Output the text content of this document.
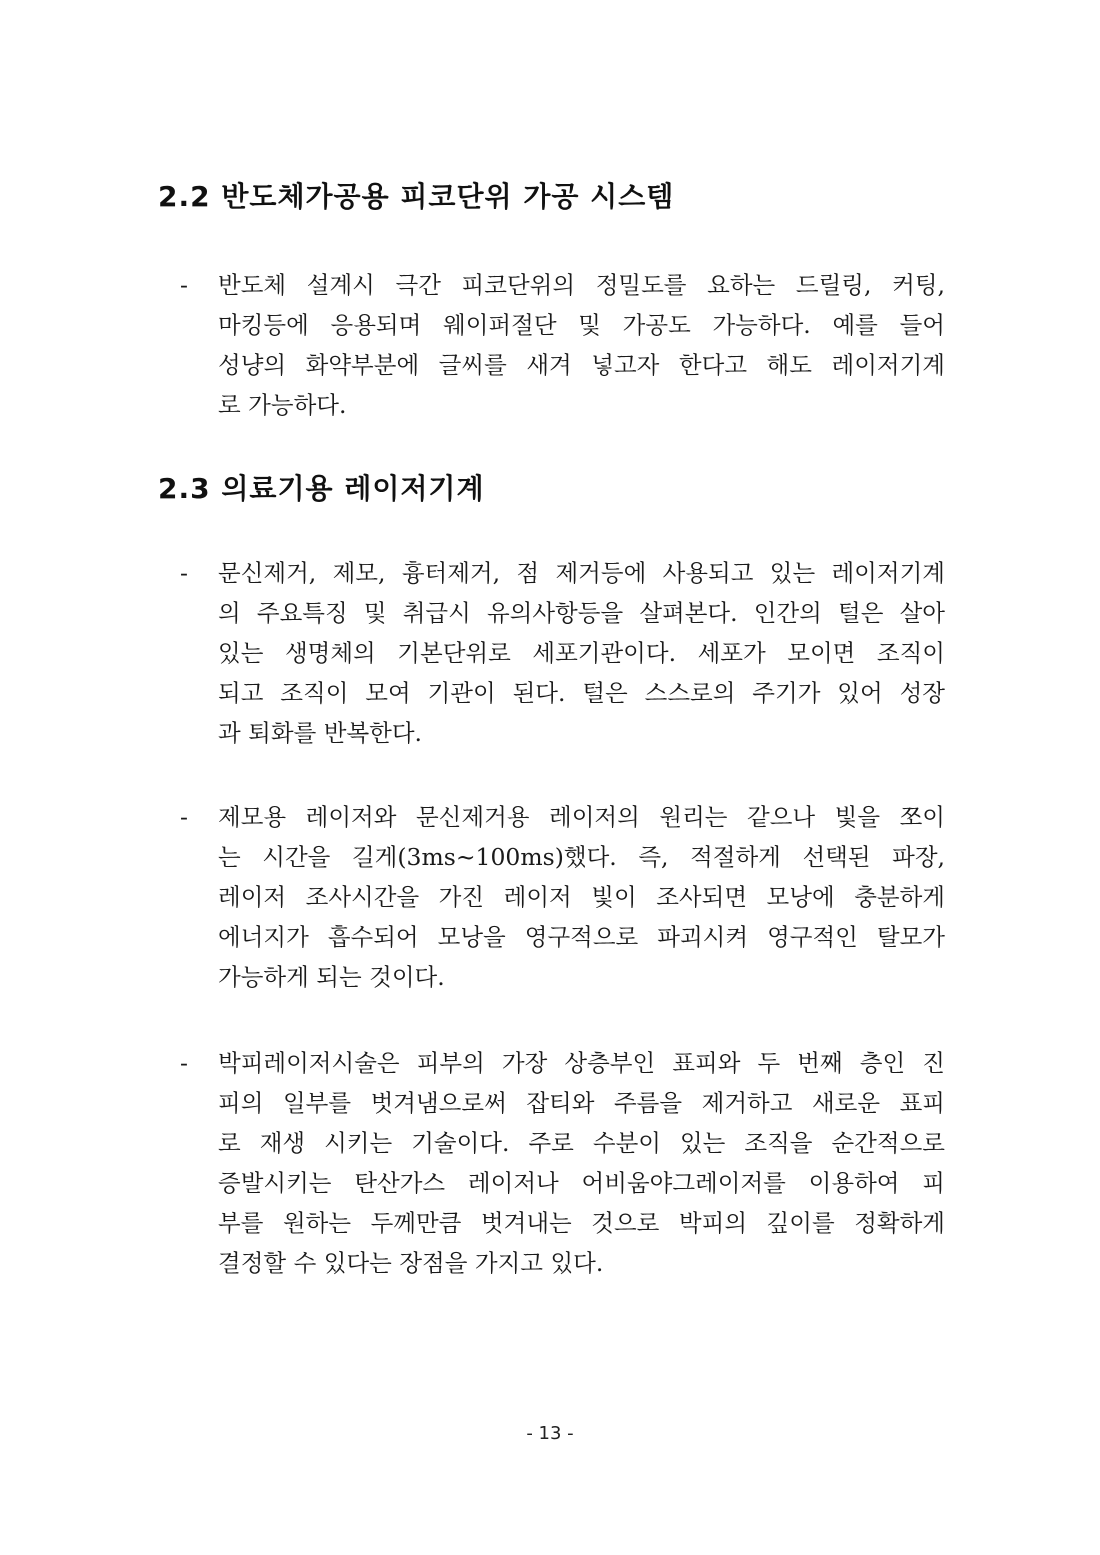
2.2 반도체가공용 피코단위 가공 시스템
-	반도체 설계시 극간 피코단위의 정밀도를 요하는 드릴링, 커팅,
마킹등에 응용되며 웨이퍼절단 및 가공도 가능하다. 예를 들어
성냥의 화약부분에 글씨를 새겨 넣고자 한다고 해도 레이저기계
로 가능하다.
2.3 의료기용 레이저기계
-	문신제거, 제모, 흉터제거, 점 제거등에 사용되고 있는 레이저기계
의 주요특징 및 취급시 유의사항등을 살펴본다. 인간의 털은 살아
있는 생명체의 기본단위로 세포기관이다. 세포가 모이면 조직이
되고 조직이 모여 기관이 된다. 털은 스스로의 주기가 있어 성장
과 퇴화를 반복한다.
-	제모용 레이저와 문신제거용 레이저의 원리는 같으나 빛을 쪼이
는 시간을 길게(3ms~100ms)했다. 즉, 적절하게 선택된 파장,
레이저 조사시간을 가진 레이저 빛이 조사되면 모낭에 충분하게
에너지가 흡수되어 모낭을 영구적으로 파괴시켜 영구적인 탈모가
가능하게 되는 것이다.
-	박피레이저시술은 피부의 가장 상층부인 표피와 두 번째 층인 진
피의 일부를 벗겨냄으로써 잡티와 주름을 제거하고 새로운 표피
로 재생 시키는 기술이다. 주로 수분이 있는 조직을 순간적으로
증발시키는 탄산가스 레이저나 어비움야그레이저를 이용하여 피
부를 원하는 두께만큼 벗겨내는 것으로 박피의 깊이를 정확하게
결정할 수 있다는 장점을 가지고 있다.
- 13 -
